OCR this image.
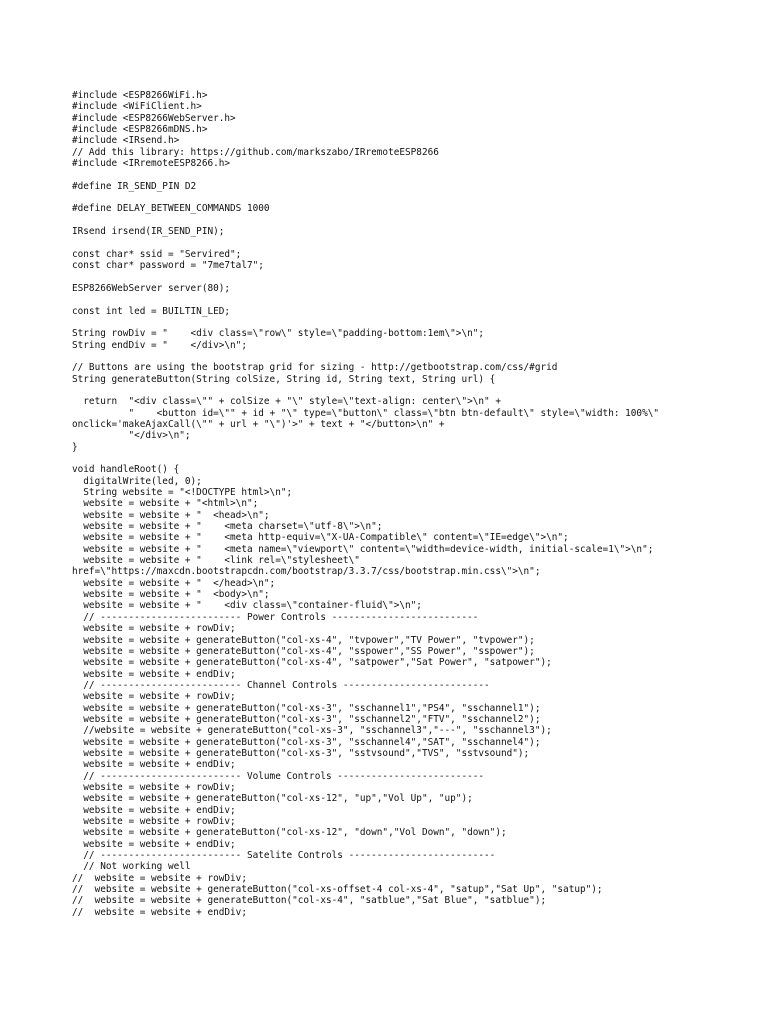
#include <ESP8266WiFi.h>
#include <WiFiClient.h>
#include <ESP8266WebServer.h>
#include <ESP8266mDNS.h>
#include <IRsend.h>
// Add this library: https://github.com/markszabo/IRremoteESP8266
#include <IRremoteESP8266.h>
#define IR_SEND_PIN D2
#define DELAY_BETWEEN_COMMANDS 1000
IRsend irsend(IR_SEND_PIN);
const char* ssid = "Servired";
const char* password = "7me7tal7";
ESP8266WebServer server(80);
const int led = BUILTIN_LED;
String rowDiv = "    <div class=\"row\" style=\"padding-bottom:1em\">\n";
String endDiv = "    </div>\n";
// Buttons are using the bootstrap grid for sizing - http://getbootstrap.com/css/#grid
String generateButton(String colSize, String id, String text, String url) {
return  "<div class=\"" + colSize + "\" style=\"text-align: center\">\n" +
"    <button id=\"" + id + "\" type=\"button\" class=\"btn btn-default\" style=\"width: 100%\"
onclick='makeAjaxCall(\"" + url + "\")'>" + text + "</button>\n" +
"</div>\n";
}
void handleRoot() {
digitalWrite(led, 0);
String website = "<!DOCTYPE html>\n";
website = website + "<html>\n";
website = website + "  <head>\n";
website = website + "    <meta charset=\"utf-8\">\n";
website = website + "    <meta http-equiv=\"X-UA-Compatible\" content=\"IE=edge\">\n";
website = website + "    <meta name=\"viewport\" content=\"width=device-width, initial-scale=1\">\n";
website = website + "    <link rel=\"stylesheet\"
href=\"https://maxcdn.bootstrapcdn.com/bootstrap/3.3.7/css/bootstrap.min.css\">\n";
website = website + "  </head>\n";
website = website + "  <body>\n";
website = website + "    <div class=\"container-fluid\">\n";
// ------------------------- Power Controls --------------------------
website = website + rowDiv;
website = website + generateButton("col-xs-4", "tvpower","TV Power", "tvpower");
website = website + generateButton("col-xs-4", "sspower","SS Power", "sspower");
website = website + generateButton("col-xs-4", "satpower","Sat Power", "satpower");
website = website + endDiv;
// ------------------------- Channel Controls --------------------------
website = website + rowDiv;
website = website + generateButton("col-xs-3", "sschannel1","PS4", "sschannel1");
website = website + generateButton("col-xs-3", "sschannel2","FTV", "sschannel2");
//website = website + generateButton("col-xs-3", "sschannel3","---", "sschannel3");
website = website + generateButton("col-xs-3", "sschannel4","SAT", "sschannel4");
website = website + generateButton("col-xs-3", "sstvsound","TVS", "sstvsound");
website = website + endDiv;
// ------------------------- Volume Controls --------------------------
website = website + rowDiv;
website = website + generateButton("col-xs-12", "up","Vol Up", "up");
website = website + endDiv;
website = website + rowDiv;
website = website + generateButton("col-xs-12", "down","Vol Down", "down");
website = website + endDiv;
// ------------------------- Satelite Controls --------------------------
// Not working well
//  website = website + rowDiv;
//  website = website + generateButton("col-xs-offset-4 col-xs-4", "satup","Sat Up", "satup");
//  website = website + generateButton("col-xs-4", "satblue","Sat Blue", "satblue");
//  website = website + endDiv;
